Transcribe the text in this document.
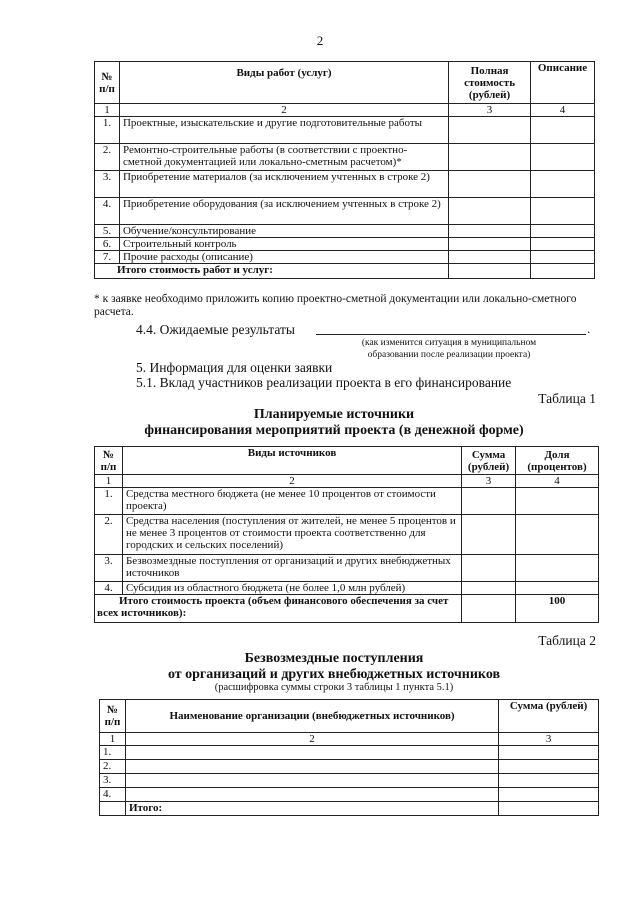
2
№ п/п	Виды работ (услуг)	Полная стоимость (рублей)	Описание
1	2	3	4
1.	Проектные, изыскательские и другие подготовительные работы		
2.	Ремонтно-строительные работы (в соответствии с проектно-сметной документацией или локально-сметным расчетом)*		
3.	Приобретение материалов (за исключением учтенных в строке 2)		
4.	Приобретение оборудования (за исключением учтенных в строке 2)		
5.	Обучение/консультирование		
6.	Строительный контроль		
7.	Прочие расходы (описание)		
Итого стоимость работ и услуг:			
* к заявке необходимо приложить копию проектно-сметной документации или локально-сметного расчета.
4.4. Ожидаемые результаты	.
(как изменится ситуация в муниципальном образовании после реализации проекта)
5. Информация для оценки заявки
5.1. Вклад участников реализации проекта в его финансирование
Таблица 1
Планируемые источники
финансирования мероприятий проекта (в денежной форме)
№ п/п	Виды источников	Сумма (рублей)	Доля (процентов)
1	2	3	4
1.	Средства местного бюджета (не менее 10 процентов от стоимости проекта)		
2.	Средства населения (поступления от жителей, не менее 5 процентов и не менее 3 процентов от стоимости проекта соответственно для городских и сельских поселений)		
3.	Безвозмездные поступления от организаций и других внебюджетных источников		
4.	Субсидия из областного бюджета (не более 1,0 млн рублей)		
Итого стоимость проекта (объем финансового обеспечения за счет всех источников):			100
Таблица 2
Безвозмездные поступления
от организаций и других внебюджетных источников
(расшифровка суммы строки 3 таблицы 1 пункта 5.1)
№ п/п	Наименование организации (внебюджетных источников)	Сумма (рублей)
1	2	3
1.		
2.		
3.		
4.		
	Итого:	
